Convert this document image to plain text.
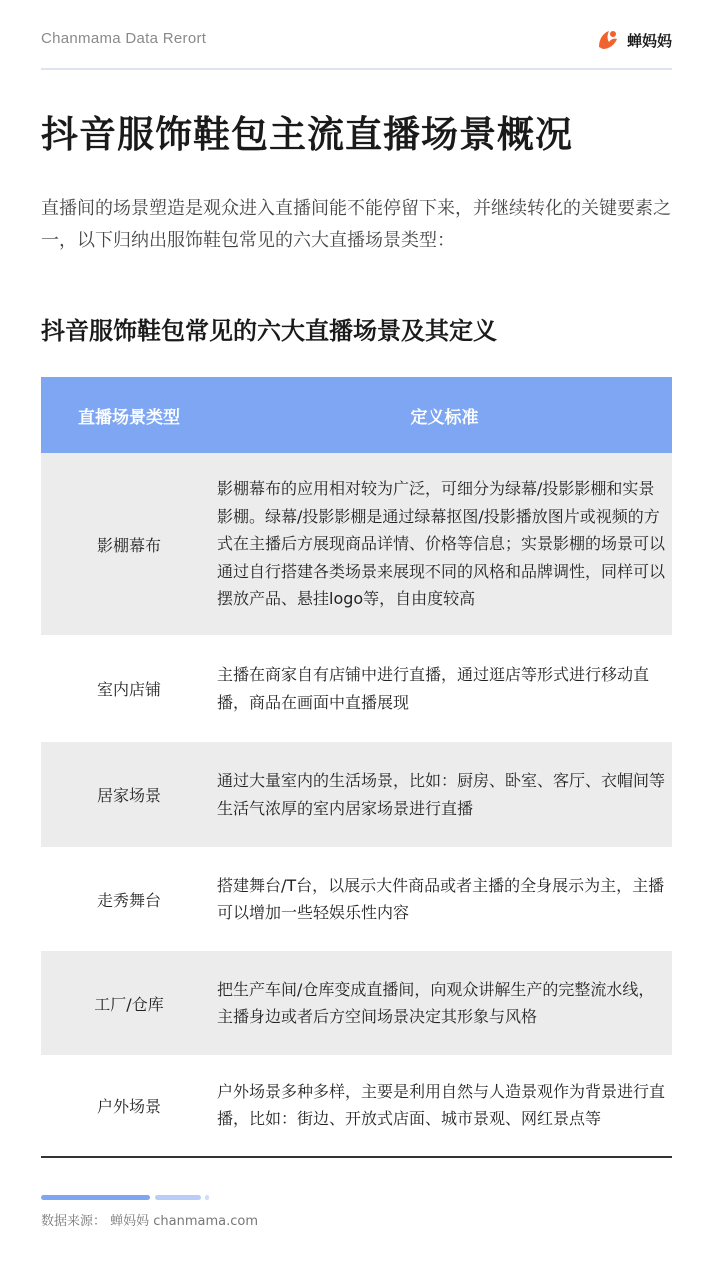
Chanmama Data Rerort	蝉妈妈
抖音服饰鞋包主流直播场景概况

直播间的场景塑造是观众进入直播间能不能停留下来，并继续转化的关键要素之一，以下归纳出服饰鞋包常见的六大直播场景类型：

抖音服饰鞋包常见的六大直播场景及其定义
直播场景类型	定义标准
影棚幕布
影棚幕布的应用相对较为广泛，可细分为绿幕/投影影棚和实景影棚。绿幕/投影影棚是通过绿幕抠图/投影播放图片或视频的方式在主播后方展现商品详情、价格等信息；实景影棚的场景可以通过自行搭建各类场景来展现不同的风格和品牌调性，同样可以摆放产品、悬挂logo等，自由度较高
室内店铺
主播在商家自有店铺中进行直播，通过逛店等形式进行移动直播，商品在画面中直播展现
居家场景
通过大量室内的生活场景，比如：厨房、卧室、客厅、衣帽间等生活气浓厚的室内居家场景进行直播
走秀舞台
搭建舞台/T台，以展示大件商品或者主播的全身展示为主，主播可以增加一些轻娱乐性内容
工厂/仓库
把生产车间/仓库变成直播间，向观众讲解生产的完整流水线，主播身边或者后方空间场景决定其形象与风格
户外场景
户外场景多种多样，主要是利用自然与人造景观作为背景进行直播，比如：街边、开放式店面、城市景观、网红景点等
数据来源： 蝉妈妈 chanmama.com
